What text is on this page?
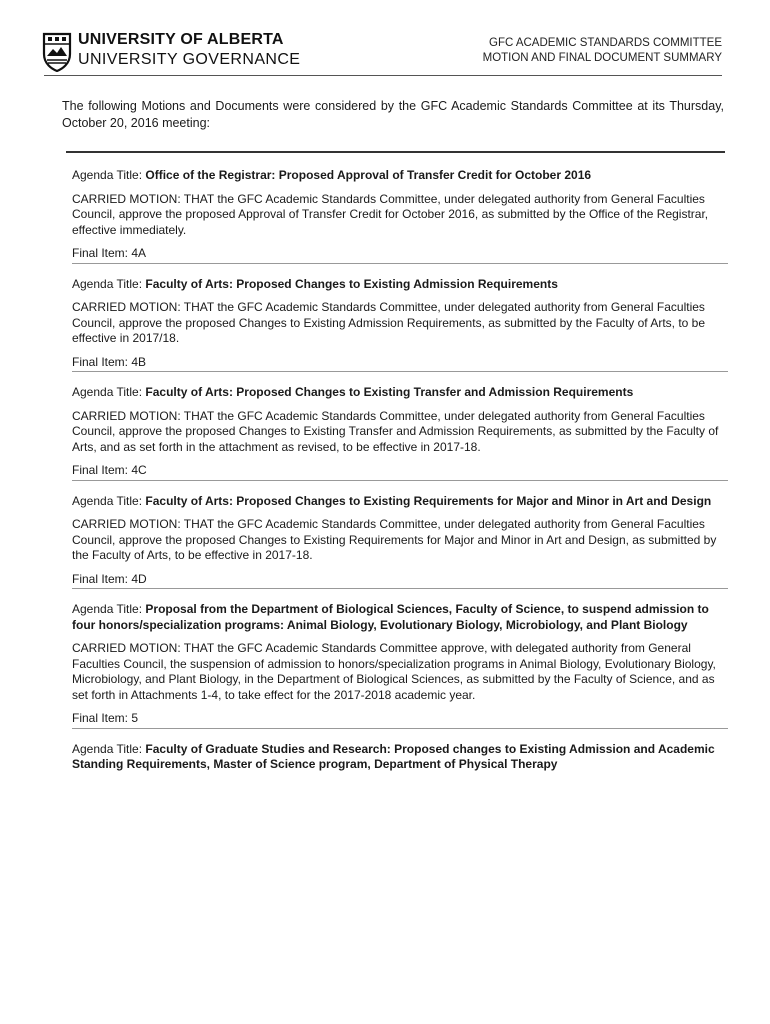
UNIVERSITY OF ALBERTA
UNIVERSITY GOVERNANCE
GFC ACADEMIC STANDARDS COMMITTEE
MOTION AND FINAL DOCUMENT SUMMARY

The following Motions and Documents were considered by the GFC Academic Standards Committee at its Thursday, October 20, 2016 meeting:

Agenda Title: Office of the Registrar: Proposed Approval of Transfer Credit for October 2016

CARRIED MOTION: THAT the GFC Academic Standards Committee, under delegated authority from General Faculties Council, approve the proposed Approval of Transfer Credit for October 2016, as submitted by the Office of the Registrar, effective immediately.

Final Item: 4A

Agenda Title: Faculty of Arts: Proposed Changes to Existing Admission Requirements

CARRIED MOTION: THAT the GFC Academic Standards Committee, under delegated authority from General Faculties Council, approve the proposed Changes to Existing Admission Requirements, as submitted by the Faculty of Arts, to be effective in 2017/18.

Final Item: 4B

Agenda Title: Faculty of Arts: Proposed Changes to Existing Transfer and Admission Requirements

CARRIED MOTION: THAT the GFC Academic Standards Committee, under delegated authority from General Faculties Council, approve the proposed Changes to Existing Transfer and Admission Requirements, as submitted by the Faculty of Arts, and as set forth in the attachment as revised, to be effective in 2017-18.

Final Item: 4C

Agenda Title: Faculty of Arts: Proposed Changes to Existing Requirements for Major and Minor in Art and Design

CARRIED MOTION: THAT the GFC Academic Standards Committee, under delegated authority from General Faculties Council, approve the proposed Changes to Existing Requirements for Major and Minor in Art and Design, as submitted by the Faculty of Arts, to be effective in 2017-18.

Final Item: 4D

Agenda Title: Proposal from the Department of Biological Sciences, Faculty of Science, to suspend admission to four honors/specialization programs: Animal Biology, Evolutionary Biology, Microbiology, and Plant Biology

CARRIED MOTION: THAT the GFC Academic Standards Committee approve, with delegated authority from General Faculties Council, the suspension of admission to honors/specialization programs in Animal Biology, Evolutionary Biology, Microbiology, and Plant Biology, in the Department of Biological Sciences, as submitted by the Faculty of Science, and as set forth in Attachments 1-4, to take effect for the 2017-2018 academic year.

Final Item: 5

Agenda Title: Faculty of Graduate Studies and Research: Proposed changes to Existing Admission and Academic Standing Requirements, Master of Science program, Department of Physical Therapy
